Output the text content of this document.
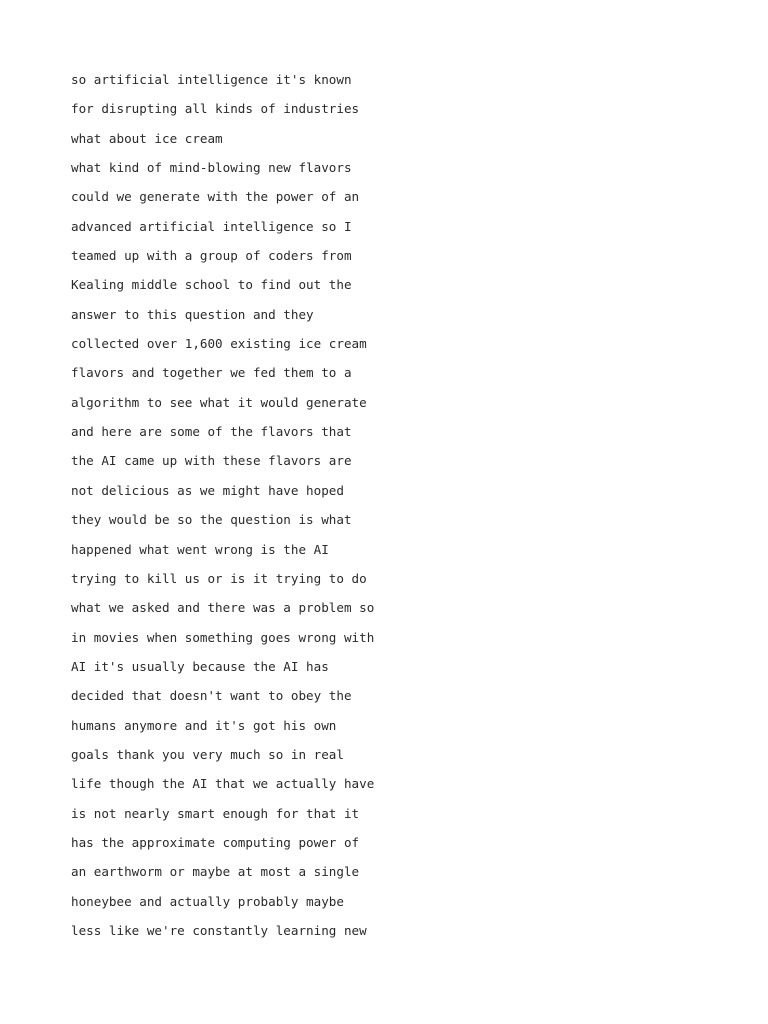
so artificial intelligence it's known
for disrupting all kinds of industries
what about ice cream
what kind of mind-blowing new flavors
could we generate with the power of an
advanced artificial intelligence so I
teamed up with a group of coders from
Kealing middle school to find out the
answer to this question and they
collected over 1,600 existing ice cream
flavors and together we fed them to a
algorithm to see what it would generate
and here are some of the flavors that
the AI came up with these flavors are
not delicious as we might have hoped
they would be so the question is what
happened what went wrong is the AI
trying to kill us or is it trying to do
what we asked and there was a problem so
in movies when something goes wrong with
AI it's usually because the AI has
decided that doesn't want to obey the
humans anymore and it's got his own
goals thank you very much so in real
life though the AI that we actually have
is not nearly smart enough for that it
has the approximate computing power of
an earthworm or maybe at most a single
honeybee and actually probably maybe
less like we're constantly learning new
